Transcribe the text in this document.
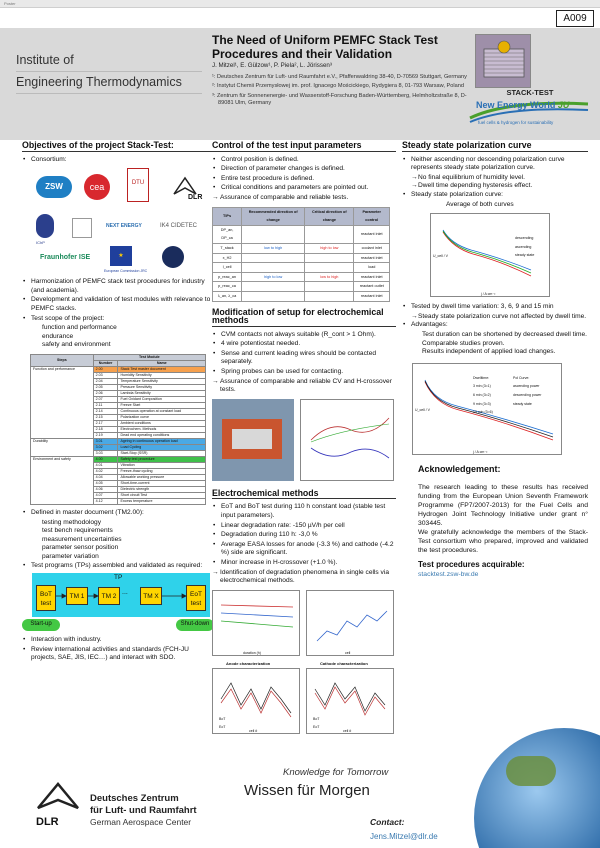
Poster
A009
Institute of
Engineering Thermodynamics
The Need of Uniform PEMFC Stack Test Procedures and their Validation
J. Mitzel¹, E. Gülzow¹, P. Piela², L. Jörissen³

¹: Deutsches Zentrum für Luft- und Raumfahrt e.V., Pfaffenwaldring 38-40, D-70569 Stuttgart, Germany

²: Instytut Chemii Przemysłowej im. prof. Ignacego Mościckiego, Rydygiera 8, 01-793 Warsaw, Poland

³: Zentrum für Sonnenenergie- und Wasserstoff-Forschung Baden-Württemberg, Helmholtzstraße 8, D-89081 Ulm, Germany

STACK-TEST
New Energy World JU
fuel cells & hydrogen for sustainability
Objectives of the project Stack-Test:
• Consortium:
ZSW	cea	DTU
DLR
IChP
NEXT ENERGY	IK4 CIDETEC
Fraunhofer ISE	★
European Commission JRC
• Harmonization of PEMFC stack test procedures for industry (and academia).
• Development and validation of test modules with relevance to PEMFC stacks.
• Test scope of the project:
function and performance
endurance
safety and environment
Steps	Test Module	
	Number	Name
Function and performance	2.00	Stack Test master document
	2.03	Humidity Sensitivity
	2.04	Temperature Sensitivity
	2.05	Pressure Sensitivity
	2.06	Lambda Sensitivity
	2.07	Fuel Oxidant Composition
	2.11	Freeze Start
	2.14	Continuous operation at constant load
	2.15	Polarization curve
	2.17	Ambient conditions
	2.18	Electrochem. Methods
	2.19	Dead end operating conditions
Durability	3.01	Ageing in continuous operation load
	3.02	Load Cycling
	3.03	Start-Stop (SSR)
Environment and safety	4.00	Safety test procedure
	4.01	Vibration
	4.02	Freeze-thaw cycling
	4.04	Allowable working pressure
	4.05	Short-time-current
	4.06	Dielectric strength
	4.07	Short circuit Test
	4.12	Excess temperature
• Defined in master document (TM2.00):
testing methodology
test bench requirements
measurement uncertainties
parameter sensor position
parameter variation
• Test programs (TPs) assembled and validated as required:
TP
BoT test
TM 1	TM 2
...
TM X	EoT test
Start-up	Shut-down
• Interaction with industry.
• Review international activities and standards (FCH-JU projects, SAE, JIS, IEC…) and interact with SDO.
Control of the test input parameters
• Control position is defined.
• Direction of parameter changes is defined.
• Entire test procedure is defined.
• Critical conditions and parameters are pointed out.
→ Assurance of comparable and reliable tests.
TIPs	Recommended direction of change	Critical direction of change	Parameter control
DP_an, DP_ca			reactant inlet
T_stack	low to high	high to low	coolant inlet
x_H2			reactant inlet
I_cell			load
p_reac_an	high to low	low to high	reactant inlet
p_reac_ca			reactant outlet
λ_an, λ_ca			reactant inlet
Modification of setup for electrochemical methods
• CVM contacts not always suitable (R_cont > 1 Ohm).
• 4 wire potentiostat needed.
• Sense and current leading wires should be contacted separately.
• Spring probes can be used for contacting.
→ Assurance of comparable and reliable CV and H-crossover tests.
Electrochemical methods
• EoT and BoT test during 110 h constant load (stable test input parameters).
• Linear degradation rate: -150 µV/h per cell
• Degradation during 110 h: -3,0 %
• Average EASA losses for anode (-3.3 %) and cathode (-4.2 %) side are significant.
• Minor increase in H-crossover (+1.0 %).
→ Identification of degradation phenomena in single cells via electrochemical methods.
duration (h)	cell
Anode characterization	Cathode characterization
BoT
EoT
cell #
BoT
EoT
cell #
Steady state polarization curve
• Neither ascending nor descending polarization curve represents steady state polarization curve.
→ No final equilibrium of humidity level.
→ Dwell time depending hysteresis effect.
• Steady state polarization curve:
Average of both curves
descending
ascending
steady state
U_cell / V
j / A cm⁻²
• Tested by dwell time variation: 3, 6, 9 and 15 min
→ Steady state polarization curve not affected by dwell time.
• Advantages:
Test duration can be shortened by decreased dwell time.
Comparable studies proven.
Results independent of applied load changes.
Dwelltime:
3 min (3=1)
6 min (3=2)
9 min (3=3)
15 min (3=6)
Pol Curve:
ascending power
descending power
steady state
U_cell / V
j / A cm⁻²
Acknowledgement:
The research leading to these results has received funding from the European Union Seventh Framework Programme (FP7/2007-2013) for the Fuel Cells and Hydrogen Joint Technology Initiative under grant n° 303445.
We gratefully acknowledge the members of the Stack-Test consortium who prepared, improved and validated the test procedures.
Test procedures acquirable:
stacktest.zsw-bw.de
DLR
Deutsches Zentrum
für Luft- und Raumfahrt
German Aerospace Center
Knowledge for Tomorrow
Wissen für Morgen
Contact:
Jens.Mitzel@dlr.de
